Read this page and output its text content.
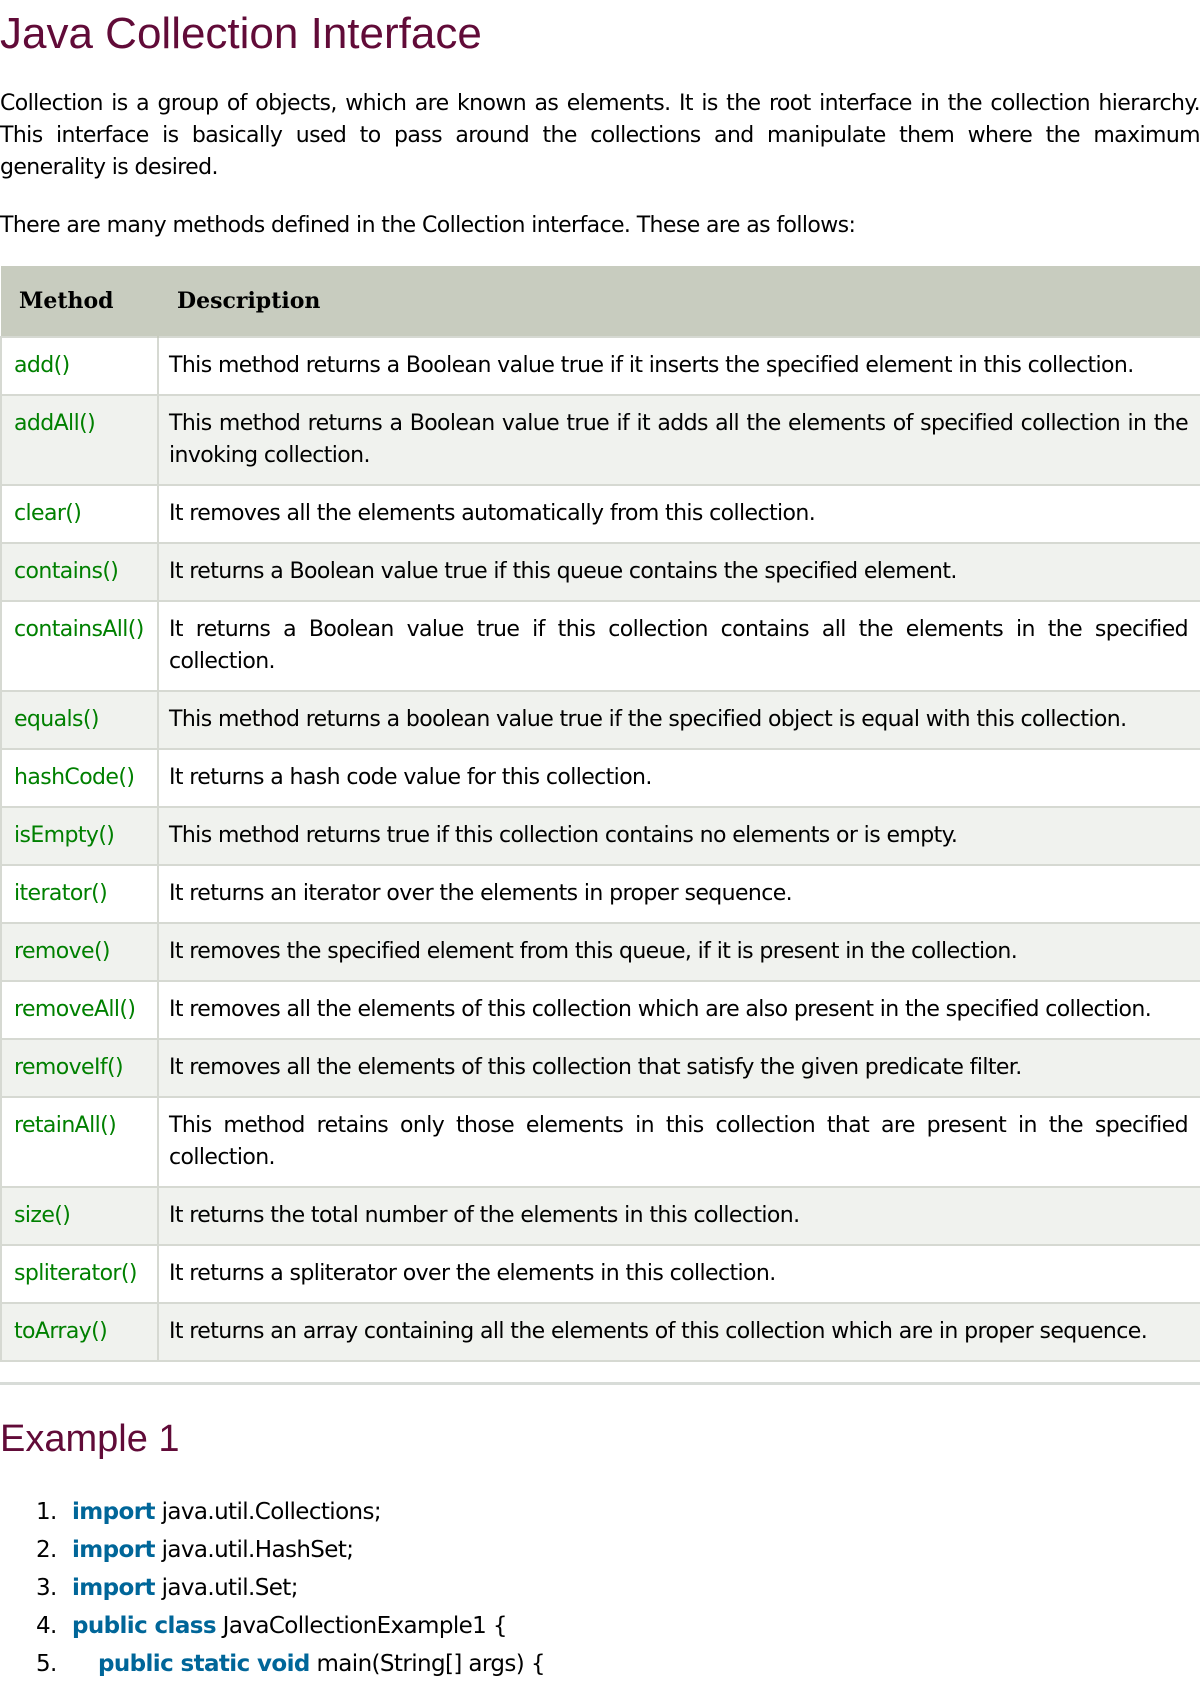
Java Collection Interface

Collection is a group of objects, which are known as elements. It is the root interface in the collection hierarchy. This interface is basically used to pass around the collections and manipulate them where the maximum generality is desired.

There are many methods defined in the Collection interface. These are as follows:

Method	Description
add()	This method returns a Boolean value true if it inserts the specified element in this collection.
addAll()	This method returns a Boolean value true if it adds all the elements of specified collection in the invoking collection.
clear()	It removes all the elements automatically from this collection.
contains()	It returns a Boolean value true if this queue contains the specified element.
containsAll()	It returns a Boolean value true if this collection contains all the elements in the specified collection.
equals()	This method returns a boolean value true if the specified object is equal with this collection.
hashCode()	It returns a hash code value for this collection.
isEmpty()	This method returns true if this collection contains no elements or is empty.
iterator()	It returns an iterator over the elements in proper sequence.
remove()	It removes the specified element from this queue, if it is present in the collection.
removeAll()	It removes all the elements of this collection which are also present in the specified collection.
removeIf()	It removes all the elements of this collection that satisfy the given predicate filter.
retainAll()	This method retains only those elements in this collection that are present in the specified collection.
size()	It returns the total number of the elements in this collection.
spliterator()	It returns a spliterator over the elements in this collection.
toArray()	It returns an array containing all the elements of this collection which are in proper sequence.
Example 1
1. import java.util.Collections;
2. import java.util.HashSet;
3. import java.util.Set;
4. public class JavaCollectionExample1 {
5.	public static void main(String[] args) {
